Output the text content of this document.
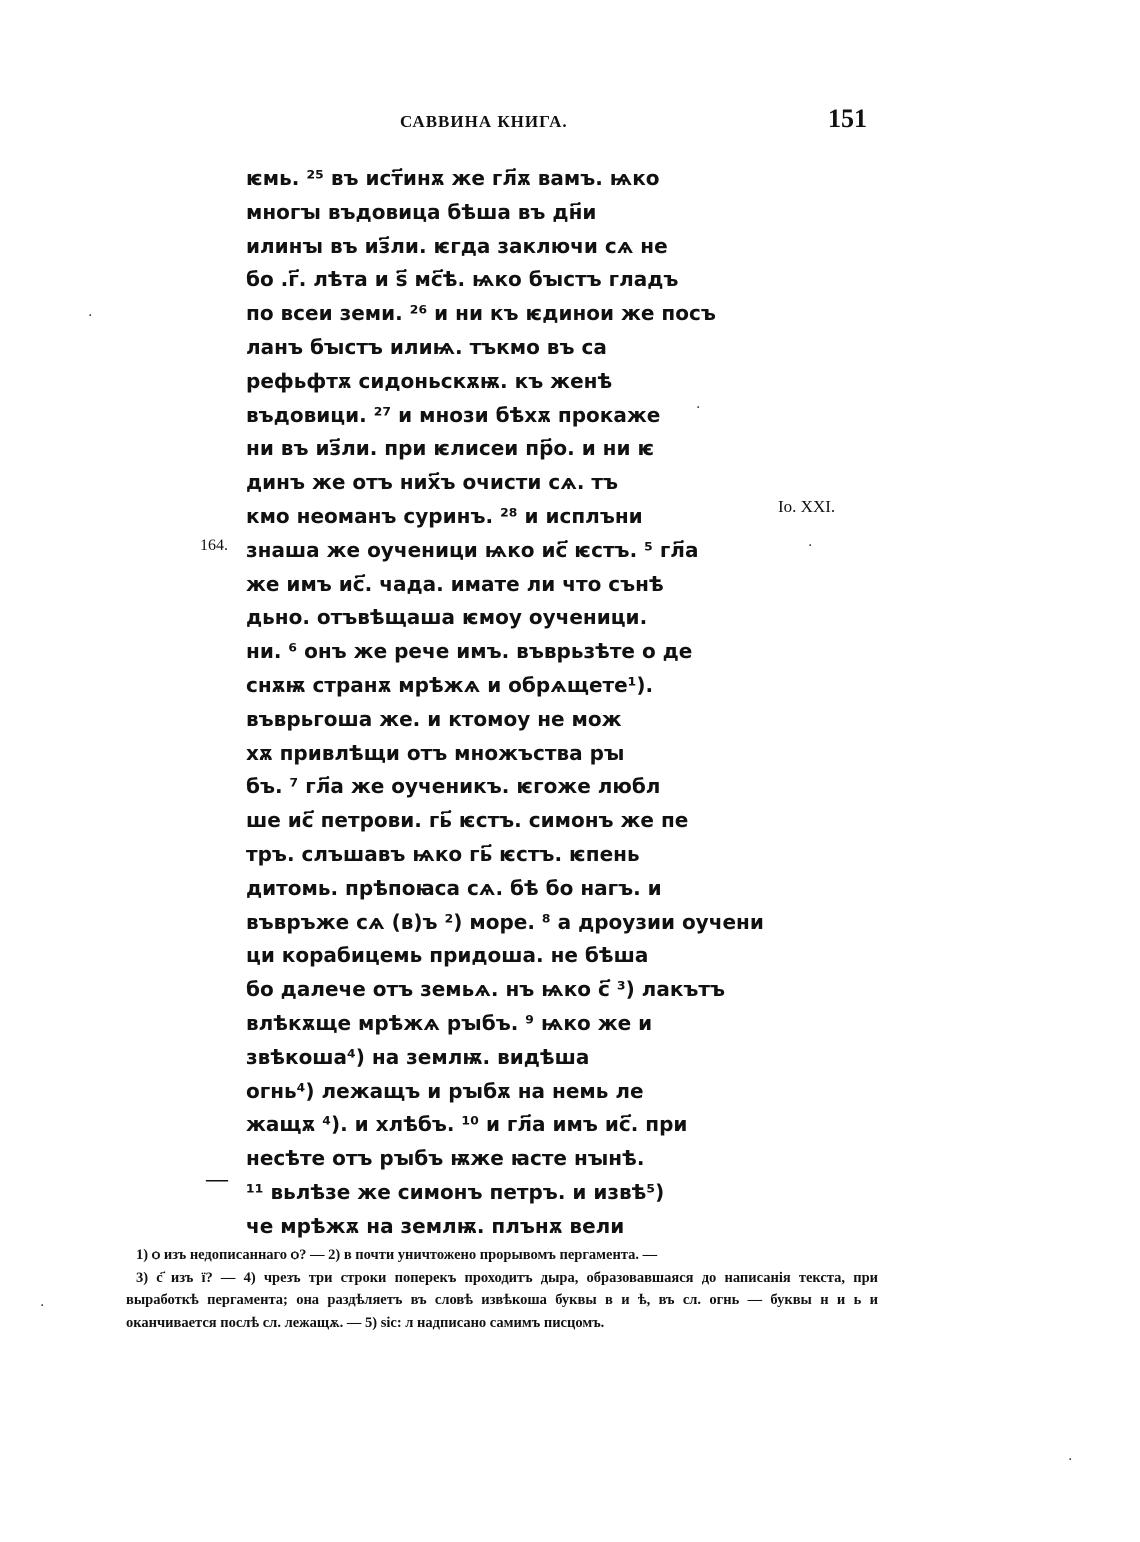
САВВИНА КНИГА.	151
ѥмь. ²⁵ въ ист҃инѫ же гл҃ѫ вамъ. ѩко
многꙑ въдовица бѣша въ дн҃и
илинꙑ въ из҃ли. ѥгда заключи сѧ не
бо .г҃. лѣта и ѕ҃ мс҃ѣ. ѩко бꙑстъ гладъ
по всеи земи. ²⁶ и ни къ ѥдинои же посъ
ланъ бꙑстъ илиѩ. тъкмо въ са
рефьфтѫ сидоньскѫѭ. къ женѣ
въдовици. ²⁷ и мнози бѣхѫ прокаже
ни въ из҃ли. при ѥлисеи пр҃о. и ни ѥ
динъ же отъ них҃ъ очисти сѧ. тъ
кмо неоманъ суринъ. ²⁸ и исплъни
знаша же оученици ѩко ис҃ ѥстъ. ⁵ гл҃а
же имъ ис҃. чада. имате ли что сънѣ
дьно. отъвѣщаша ѥмоу оученици.
ни. ⁶ онъ же рече имъ. въврьзѣте о де
снѫѭ странѫ мрѣжѧ и обрѧщете¹).
въврьгоша же. и ктомоу не мож
хѫ привлѣщи отъ множъства рꙑ
бъ. ⁷ гл҃а же оученикъ. ѥгоже любл
ше ис҃ петрови. гь҃ ѥстъ. симонъ же пе
тръ. слъшавъ ѩко гь҃ ѥстъ. ѥпень
дитомь. прѣпоꙗса сѧ. бѣ бо нагъ. и
въвръже сѧ (в)ъ ²) море. ⁸ а дроузии оучени
ци корабицемь придоша. не бѣша
бо далече отъ земьѧ. нъ ѩко с҃ ³) лакътъ
влѣкѫще мрѣжѧ рꙑбъ. ⁹ ѩко же и
звѣкоша⁴) на землѭ. видѣша
огнь⁴) лежащъ и рꙑбѫ на немь ле
жащѫ ⁴). и хлѣбъ. ¹⁰ и гл҃а имъ ис҃. при
несѣте отъ рꙑбъ ѭже ꙗсте нꙑнѣ.
¹¹ вьлѣзе же симонъ петръ. и извѣ⁵)
че мрѣжѫ на землѭ. плънѫ вели
Io. XXI.
164.
—

1) ѻ изъ недописаннаго ѻ? — 2) в почти уничтожено прорывомъ пергамента. —

3) с҃ изъ ї? — 4) чрезъ три строки поперекъ проходитъ дыра, образовавшаяся до написанія текста, при выработкѣ пергамента; она раздѣляетъ въ словѣ извѣкоша буквы в и ѣ, въ сл. огнь — буквы н и ь и оканчивается послѣ сл. лежащѫ. — 5) sic: л надписано самимъ писцомъ.

·
·
·
·
·
